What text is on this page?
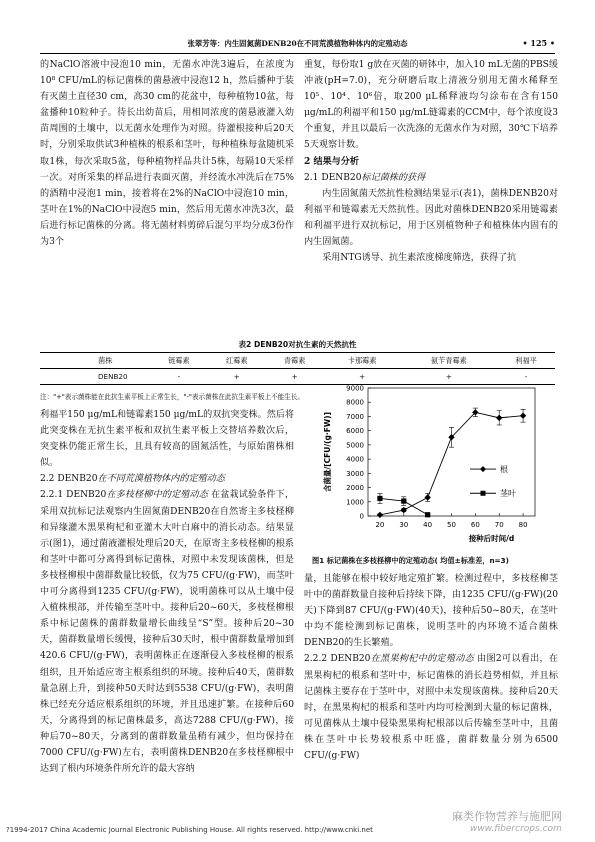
张翠芳等：内生固氮菌DENB20在不同荒漠植物种体内的定殖动态	• 125 •

的NaClO溶液中浸泡10 min，无菌水冲洗3遍后，在浓度为10⁸ CFU/mL的标记菌株的菌悬液中浸泡12 h，然后播种于装有灭菌土直径30 cm，高30 cm的花盆中，每种植物10盆，每盆播种10粒种子。待长出幼苗后，用相同浓度的菌悬液灌入幼苗周围的土壤中，以无菌水处理作为对照。待灌根接种后20天时，分别采取供试3种植株的根系和茎叶，每种植株每盆随机采取1株，每次采取5盆，每种植物样品共计5株，每隔10天采样一次。对所采集的样品进行表面灭菌，并经流水冲洗后在75%的酒精中浸泡1 min，接着将在2%的NaClO中浸泡10 min，茎叶在1%的NaClO中浸泡5 min，然后用无菌水冲洗3次，最后进行标记菌株的分离。将无菌材料剪碎后混匀平均分成3份作为3个

重复，每份取1 g放在灭菌的研钵中，加入10 mL无菌的PBS缓冲液(pH=7.0)，充分研磨后取上清液分别用无菌水稀释至10⁵、10⁴、10⁶倍，取200 μL稀释液均匀涂布在含有150 μg/mL的利福平和150 μg/mL链霉素的CCM中，每个浓度设3个重复，并且以最后一次洗涤的无菌水作为对照，30℃下培养5天观察计数。

2 结果与分析

2.1 DENB20标记菌株的获得

内生固氮菌天然抗性检测结果显示(表1)，菌株DENB20对利福平和链霉素无天然抗性。因此对菌株DENB20采用链霉素和利福平进行双抗标记，用于区别植物种子和植株体内固有的内生固氮菌。

采用NTG诱导、抗生素浓度梯度筛选，获得了抗

表2 DENB20对抗生素的天然抗性
菌株	链霉素	红霉素	青霉素	卡那霉素	氨苄青霉素	利福平
DENB20	-	+	+	+	+	-
注："+"表示菌株能在此抗生素平板上正常生长，"-"表示菌株在此抗生素平板上不能生长。

利福平150 μg/mL和链霉素150 μg/mL的双抗突变株。然后将此突变株在无抗生素平板和双抗生素平板上交替培养数次后，突变株仍能正常生长，且具有较高的固氮活性，与原始菌株相似。

2.2 DENB20在不同荒漠植物体内的定殖动态

2.2.1 DENB20在多枝柽柳中的定殖动态 在盆栽试验条件下，采用双抗标记法观察内生固氮菌DENB20在自然寄主多枝柽柳和异缘灌木黑果枸杞和亚灌木大叶白麻中的消长动态。结果显示(图1)，通过菌液灌根处理后20天，在原寄主多枝柽柳的根系和茎叶中都可分离得到标记菌株，对照中未发现该菌株，但是多枝柽柳根中菌群数量比较低，仅为75 CFU/(g·FW)，而茎叶中可分离得到1235 CFU/(g·FW)，说明菌株可以从土壤中侵入植株根部，并传输至茎叶中。接种后20~60天，多枝柽柳根系中标记菌株的菌群数量增长曲线呈“S”型。接种后20~30天，菌群数量增长缓慢，接种后30天时，根中菌群数量增加到420.6 CFU/(g·FW)，表明菌株正在逐渐侵入多枝柽柳的根系组织，且开始适应寄主根系组织的环境。接种后40天，菌群数量急剧上升，到接种50天时达到5538 CFU/(g·FW)，表明菌株已经充分适应根系组织的环境，并且迅速扩繁。在接种后60天，分离得到的标记菌株最多，高达7288 CFU/(g·FW)，接种后70~80天，分离到的菌群数量虽稍有减少，但均保持在7000 CFU/(g·FW)左右，表明菌株DENB20在多枝柽柳根中达到了根内环境条件所允许的最大容纳

0
1000
2000
3000
4000
5000
6000
7000
8000
9000
20 30 40 50 60 70 80
接种后时间/d
含菌量/[CFU/(g·FW)]	根
茎叶
图1 标记菌株在多枝柽柳中的定殖动态( 均值±标准差，n=3)

量，且能够在根中较好地定殖扩繁。检测过程中，多枝柽柳茎叶中的菌群数量自接种后持续下降，由1235 CFU/(g·FW)(20天)下降到87 CFU/(g·FW)(40天)，接种后50~80天，在茎叶中均不能检测到标记菌株，说明茎叶的内环境不适合菌株DENB20的生长繁殖。

2.2.2 DENB20在黑果枸杞中的定殖动态 由图2可以看出，在黑果枸杞的根系和茎叶中，标记菌株的消长趋势相似，并且标记菌株主要存在于茎叶中，对照中未发现该菌株。接种后20天时，在黑果枸杞的根系和茎叶内均可检测到大量的标记菌株，可见菌株从土壤中侵染黑果枸杞根部以后传输至茎叶中，且菌株在茎叶中长势较根系中旺盛，菌群数量分别为6500 CFU/(g·FW)

麻类作物营养与施肥网
www.fibercrops.com
?1994-2017 China Academic Journal Electronic Publishing House. All rights reserved. http://www.cnki.net
